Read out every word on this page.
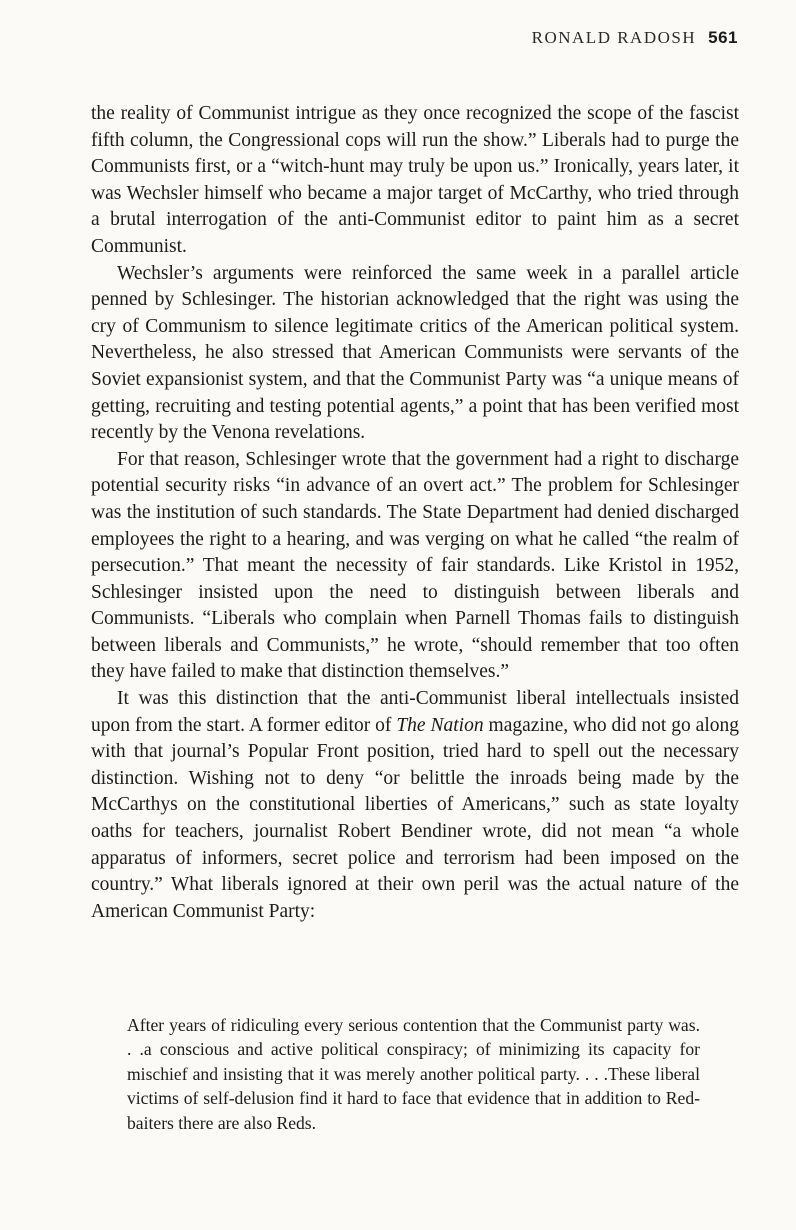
RONALD RADOSH 561

the reality of Communist intrigue as they once recognized the scope of the fascist fifth column, the Congressional cops will run the show.” Liberals had to purge the Communists first, or a “witch-hunt may truly be upon us.” Ironically, years later, it was Wechsler himself who became a major target of McCarthy, who tried through a brutal interrogation of the anti-Communist editor to paint him as a secret Communist.

Wechsler’s arguments were reinforced the same week in a parallel article penned by Schlesinger. The historian acknowledged that the right was using the cry of Communism to silence legitimate critics of the American political system. Nevertheless, he also stressed that American Communists were servants of the Soviet expansionist system, and that the Communist Party was “a unique means of getting, recruiting and testing potential agents,” a point that has been verified most recently by the Venona revelations.

For that reason, Schlesinger wrote that the government had a right to discharge potential security risks “in advance of an overt act.” The problem for Schlesinger was the institution of such standards. The State Department had denied discharged employees the right to a hearing, and was verging on what he called “the realm of persecution.” That meant the necessity of fair standards. Like Kristol in 1952, Schlesinger insisted upon the need to distinguish between liberals and Communists. “Liberals who complain when Parnell Thomas fails to distinguish between liberals and Communists,” he wrote, “should remember that too often they have failed to make that distinction themselves.”

It was this distinction that the anti-Communist liberal intellectuals insisted upon from the start. A former editor of The Nation magazine, who did not go along with that journal’s Popular Front position, tried hard to spell out the necessary distinction. Wishing not to deny “or belittle the inroads being made by the McCarthys on the constitutional liberties of Americans,” such as state loyalty oaths for teachers, journalist Robert Bendiner wrote, did not mean “a whole apparatus of informers, secret police and terrorism had been imposed on the country.” What liberals ignored at their own peril was the actual nature of the American Communist Party:

After years of ridiculing every serious contention that the Communist party was. . .a conscious and active political conspiracy; of minimizing its capacity for mischief and insisting that it was merely another political party. . . .These liberal victims of self-delusion find it hard to face that evidence that in addition to Red-baiters there are also Reds.
